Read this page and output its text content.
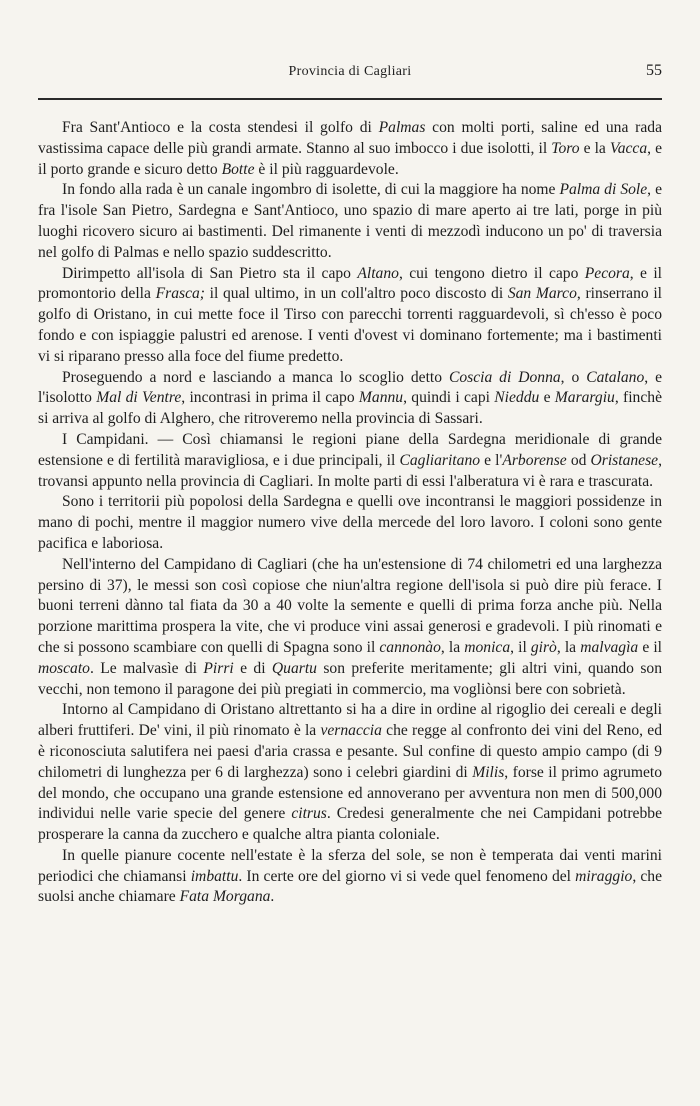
Provincia di Cagliari	55

Fra Sant'Antioco e la costa stendesi il golfo di Palmas con molti porti, saline ed una rada vastissima capace delle più grandi armate. Stanno al suo imbocco i due isolotti, il Toro e la Vacca, e il porto grande e sicuro detto Botte è il più ragguardevole.

In fondo alla rada è un canale ingombro di isolette, di cui la maggiore ha nome Palma di Sole, e fra l'isole San Pietro, Sardegna e Sant'Antioco, uno spazio di mare aperto ai tre lati, porge in più luoghi ricovero sicuro ai bastimenti. Del rimanente i venti di mezzodì inducono un po' di traversia nel golfo di Palmas e nello spazio suddescritto.

Dirimpetto all'isola di San Pietro sta il capo Altano, cui tengono dietro il capo Pecora, e il promontorio della Frasca; il qual ultimo, in un coll'altro poco discosto di San Marco, rinserrano il golfo di Oristano, in cui mette foce il Tirso con parecchi torrenti ragguardevoli, sì ch'esso è poco fondo e con ispiaggie palustri ed arenose. I venti d'ovest vi dominano fortemente; ma i bastimenti vi si riparano presso alla foce del fiume predetto.

Proseguendo a nord e lasciando a manca lo scoglio detto Coscia di Donna, o Catalano, e l'isolotto Mal di Ventre, incontrasi in prima il capo Mannu, quindi i capi Nieddu e Marargiu, finchè si arriva al golfo di Alghero, che ritroveremo nella provincia di Sassari.

I Campidani. — Così chiamansi le regioni piane della Sardegna meridionale di grande estensione e di fertilità maravigliosa, e i due principali, il Cagliaritano e l'Arborense od Oristanese, trovansi appunto nella provincia di Cagliari. In molte parti di essi l'alberatura vi è rara e trascurata.

Sono i territorii più popolosi della Sardegna e quelli ove incontransi le maggiori possidenze in mano di pochi, mentre il maggior numero vive della mercede del loro lavoro. I coloni sono gente pacifica e laboriosa.

Nell'interno del Campidano di Cagliari (che ha un'estensione di 74 chilometri ed una larghezza persino di 37), le messi son così copiose che niun'altra regione dell'isola si può dire più ferace. I buoni terreni dànno tal fiata da 30 a 40 volte la semente e quelli di prima forza anche più. Nella porzione marittima prospera la vite, che vi produce vini assai generosi e gradevoli. I più rinomati e che si possono scambiare con quelli di Spagna sono il cannonào, la monica, il girò, la malvagìa e il moscato. Le malvasìe di Pirri e di Quartu son preferite meritamente; gli altri vini, quando son vecchi, non temono il paragone dei più pregiati in commercio, ma vogliònsi bere con sobrietà.

Intorno al Campidano di Oristano altrettanto si ha a dire in ordine al rigoglio dei cereali e degli alberi fruttiferi. De' vini, il più rinomato è la vernaccia che regge al confronto dei vini del Reno, ed è riconosciuta salutifera nei paesi d'aria crassa e pesante. Sul confine di questo ampio campo (di 9 chilometri di lunghezza per 6 di larghezza) sono i celebri giardini di Milis, forse il primo agrumeto del mondo, che occupano una grande estensione ed annoverano per avventura non men di 500,000 individui nelle varie specie del genere citrus. Credesi generalmente che nei Campidani potrebbe prosperare la canna da zucchero e qualche altra pianta coloniale.

In quelle pianure cocente nell'estate è la sferza del sole, se non è temperata dai venti marini periodici che chiamansi imbattu. In certe ore del giorno vi si vede quel fenomeno del miraggio, che suolsi anche chiamare Fata Morgana.
